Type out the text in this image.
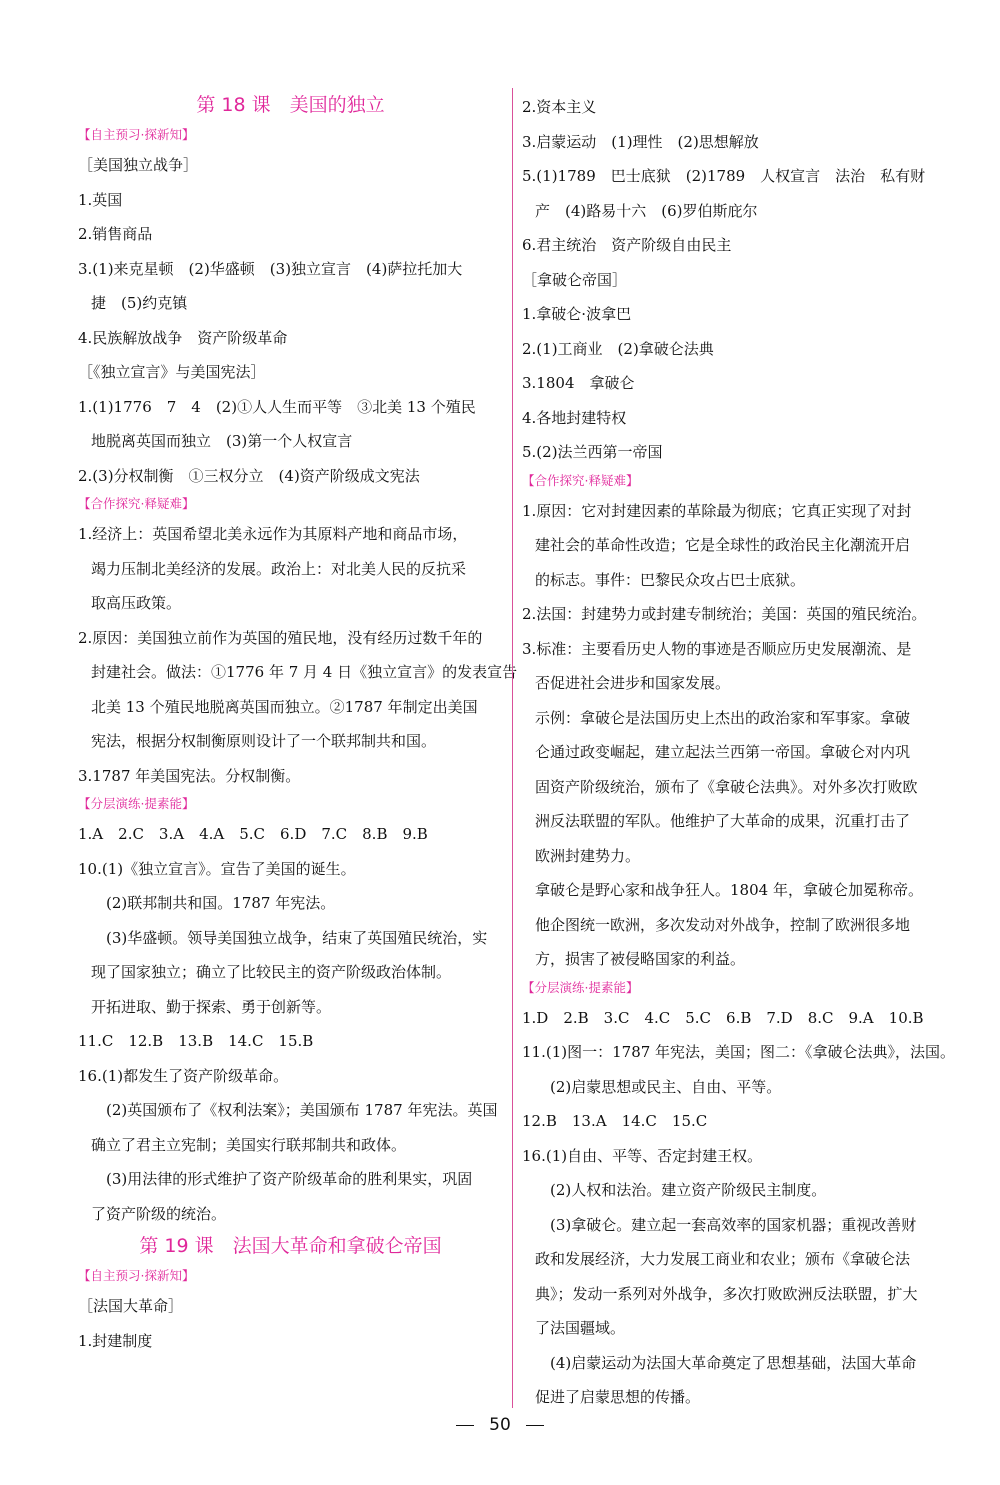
第 18 课　美国的独立
【自主预习·探新知】
［美国独立战争］
1.英国
2.销售商品
3.(1)来克星顿　(2)华盛顿　(3)独立宣言　(4)萨拉托加大
捷　(5)约克镇
4.民族解放战争　资产阶级革命
［《独立宣言》与美国宪法］
1.(1)1776　7　4　(2)①人人生而平等　③北美 13 个殖民
地脱离英国而独立　(3)第一个人权宣言
2.(3)分权制衡　①三权分立　(4)资产阶级成文宪法
【合作探究·释疑难】
1.经济上：英国希望北美永远作为其原料产地和商品市场，
竭力压制北美经济的发展。政治上：对北美人民的反抗采
取高压政策。
2.原因：美国独立前作为英国的殖民地，没有经历过数千年的
封建社会。做法：①1776 年 7 月 4 日《独立宣言》的发表宣告
北美 13 个殖民地脱离英国而独立。②1787 年制定出美国
宪法，根据分权制衡原则设计了一个联邦制共和国。
3.1787 年美国宪法。分权制衡。
【分层演练·提素能】
1.A　2.C　3.A　4.A　5.C　6.D　7.C　8.B　9.B
10.(1)《独立宣言》。宣告了美国的诞生。
(2)联邦制共和国。1787 年宪法。
(3)华盛顿。领导美国独立战争，结束了英国殖民统治，实
现了国家独立；确立了比较民主的资产阶级政治体制。
开拓进取、勤于探索、勇于创新等。
11.C　12.B　13.B　14.C　15.B
16.(1)都发生了资产阶级革命。
(2)英国颁布了《权利法案》；美国颁布 1787 年宪法。英国
确立了君主立宪制；美国实行联邦制共和政体。
(3)用法律的形式维护了资产阶级革命的胜利果实，巩固
了资产阶级的统治。
第 19 课　法国大革命和拿破仑帝国
【自主预习·探新知】
［法国大革命］
1.封建制度
2.资本主义
3.启蒙运动　(1)理性　(2)思想解放
5.(1)1789　巴士底狱　(2)1789　人权宣言　法治　私有财
产　(4)路易十六　(6)罗伯斯庇尔
6.君主统治　资产阶级自由民主
［拿破仑帝国］
1.拿破仑·波拿巴
2.(1)工商业　(2)拿破仑法典
3.1804　拿破仑
4.各地封建特权
5.(2)法兰西第一帝国
【合作探究·释疑难】
1.原因：它对封建因素的革除最为彻底；它真正实现了对封
建社会的革命性改造；它是全球性的政治民主化潮流开启
的标志。事件：巴黎民众攻占巴士底狱。
2.法国：封建势力或封建专制统治；美国：英国的殖民统治。
3.标准：主要看历史人物的事迹是否顺应历史发展潮流、是
否促进社会进步和国家发展。
示例：拿破仑是法国历史上杰出的政治家和军事家。拿破
仑通过政变崛起，建立起法兰西第一帝国。拿破仑对内巩
固资产阶级统治，颁布了《拿破仑法典》。对外多次打败欧
洲反法联盟的军队。他维护了大革命的成果，沉重打击了
欧洲封建势力。
拿破仑是野心家和战争狂人。1804 年，拿破仑加冕称帝。
他企图统一欧洲，多次发动对外战争，控制了欧洲很多地
方，损害了被侵略国家的利益。
【分层演练·提素能】
1.D　2.B　3.C　4.C　5.C　6.B　7.D　8.C　9.A　10.B
11.(1)图一：1787 年宪法，美国；图二：《拿破仑法典》，法国。
(2)启蒙思想或民主、自由、平等。
12.B　13.A　14.C　15.C
16.(1)自由、平等、否定封建王权。
(2)人权和法治。建立资产阶级民主制度。
(3)拿破仑。建立起一套高效率的国家机器；重视改善财
政和发展经济，大力发展工商业和农业；颁布《拿破仑法
典》；发动一系列对外战争，多次打败欧洲反法联盟，扩大
了法国疆域。
(4)启蒙运动为法国大革命奠定了思想基础，法国大革命
促进了启蒙思想的传播。
50
